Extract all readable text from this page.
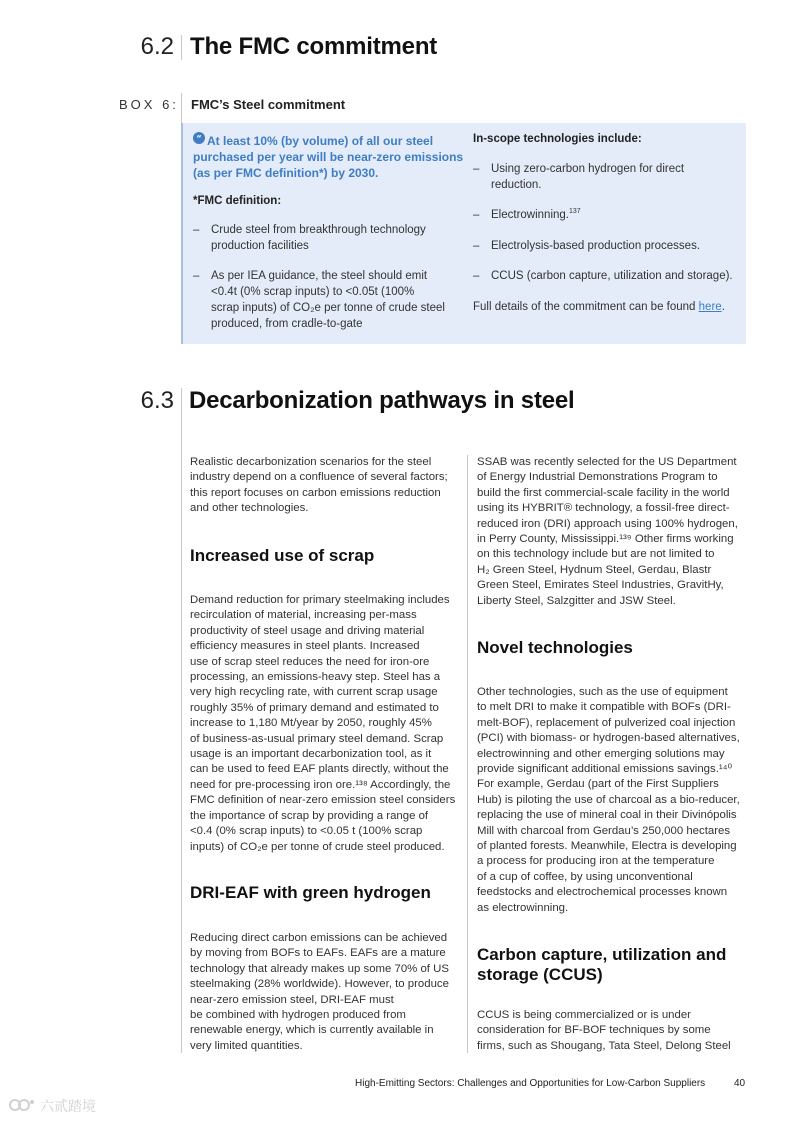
6.2 The FMC commitment
BOX 6: FMC’s Steel commitment
“ At least 10% (by volume) of all our steel
purchased per year will be near-zero emissions
(as per FMC definition*) by 2030.
*FMC definition:
– Crude steel from breakthrough technology
production facilities
– As per IEA guidance, the steel should emit
<0.4t (0% scrap inputs) to <0.05t (100%
scrap inputs) of CO₂e per tonne of crude steel
produced, from cradle-to-gate
In-scope technologies include:
– Using zero-carbon hydrogen for direct
reduction.
– Electrowinning.$^{137}$
– Electrolysis-based production processes.
– CCUS (carbon capture, utilization and storage).
Full details of the commitment can be found here.
6.3 Decarbonization pathways in steel
Realistic decarbonization scenarios for the steel
industry depend on a confluence of several factors;
this report focuses on carbon emissions reduction
and other technologies.
Increased use of scrap
Demand reduction for primary steelmaking includes
recirculation of material, increasing per-mass
productivity of steel usage and driving material
efficiency measures in steel plants. Increased
use of scrap steel reduces the need for iron-ore
processing, an emissions-heavy step. Steel has a
very high recycling rate, with current scrap usage
roughly 35% of primary demand and estimated to
increase to 1,180 Mt/year by 2050, roughly 45%
of business-as-usual primary steel demand. Scrap
usage is an important decarbonization tool, as it
can be used to feed EAF plants directly, without the
need for pre-processing iron ore.¹³⁸ Accordingly, the
FMC definition of near-zero emission steel considers
the importance of scrap by providing a range of
<0.4 (0% scrap inputs) to <0.05 t (100% scrap
inputs) of CO₂e per tonne of crude steel produced.
DRI-EAF with green hydrogen
Reducing direct carbon emissions can be achieved
by moving from BOFs to EAFs. EAFs are a mature
technology that already makes up some 70% of US
steelmaking (28% worldwide). However, to produce
near-zero emission steel, DRI-EAF must
be combined with hydrogen produced from
renewable energy, which is currently available in
very limited quantities.
SSAB was recently selected for the US Department
of Energy Industrial Demonstrations Program to
build the first commercial-scale facility in the world
using its HYBRIT® technology, a fossil-free direct-
reduced iron (DRI) approach using 100% hydrogen,
in Perry County, Mississippi.¹³⁹ Other firms working
on this technology include but are not limited to
H₂ Green Steel, Hydnum Steel, Gerdau, Blastr
Green Steel, Emirates Steel Industries, GravitHy,
Liberty Steel, Salzgitter and JSW Steel.
Novel technologies
Other technologies, such as the use of equipment
to melt DRI to make it compatible with BOFs (DRI-
melt-BOF), replacement of pulverized coal injection
(PCI) with biomass- or hydrogen-based alternatives,
electrowinning and other emerging solutions may
provide significant additional emissions savings.¹⁴⁰
For example, Gerdau (part of the First Suppliers
Hub) is piloting the use of charcoal as a bio-reducer,
replacing the use of mineral coal in their Divinópolis
Mill with charcoal from Gerdau’s 250,000 hectares
of planted forests. Meanwhile, Electra is developing
a process for producing iron at the temperature
of a cup of coffee, by using unconventional
feedstocks and electrochemical processes known
as electrowinning.
Carbon capture, utilization and
storage (CCUS)
CCUS is being commercialized or is under
consideration for BF-BOF techniques by some
firms, such as Shougang, Tata Steel, Delong Steel
High-Emitting Sectors: Challenges and Opportunities for Low-Carbon Suppliers	40
六贰踏境
